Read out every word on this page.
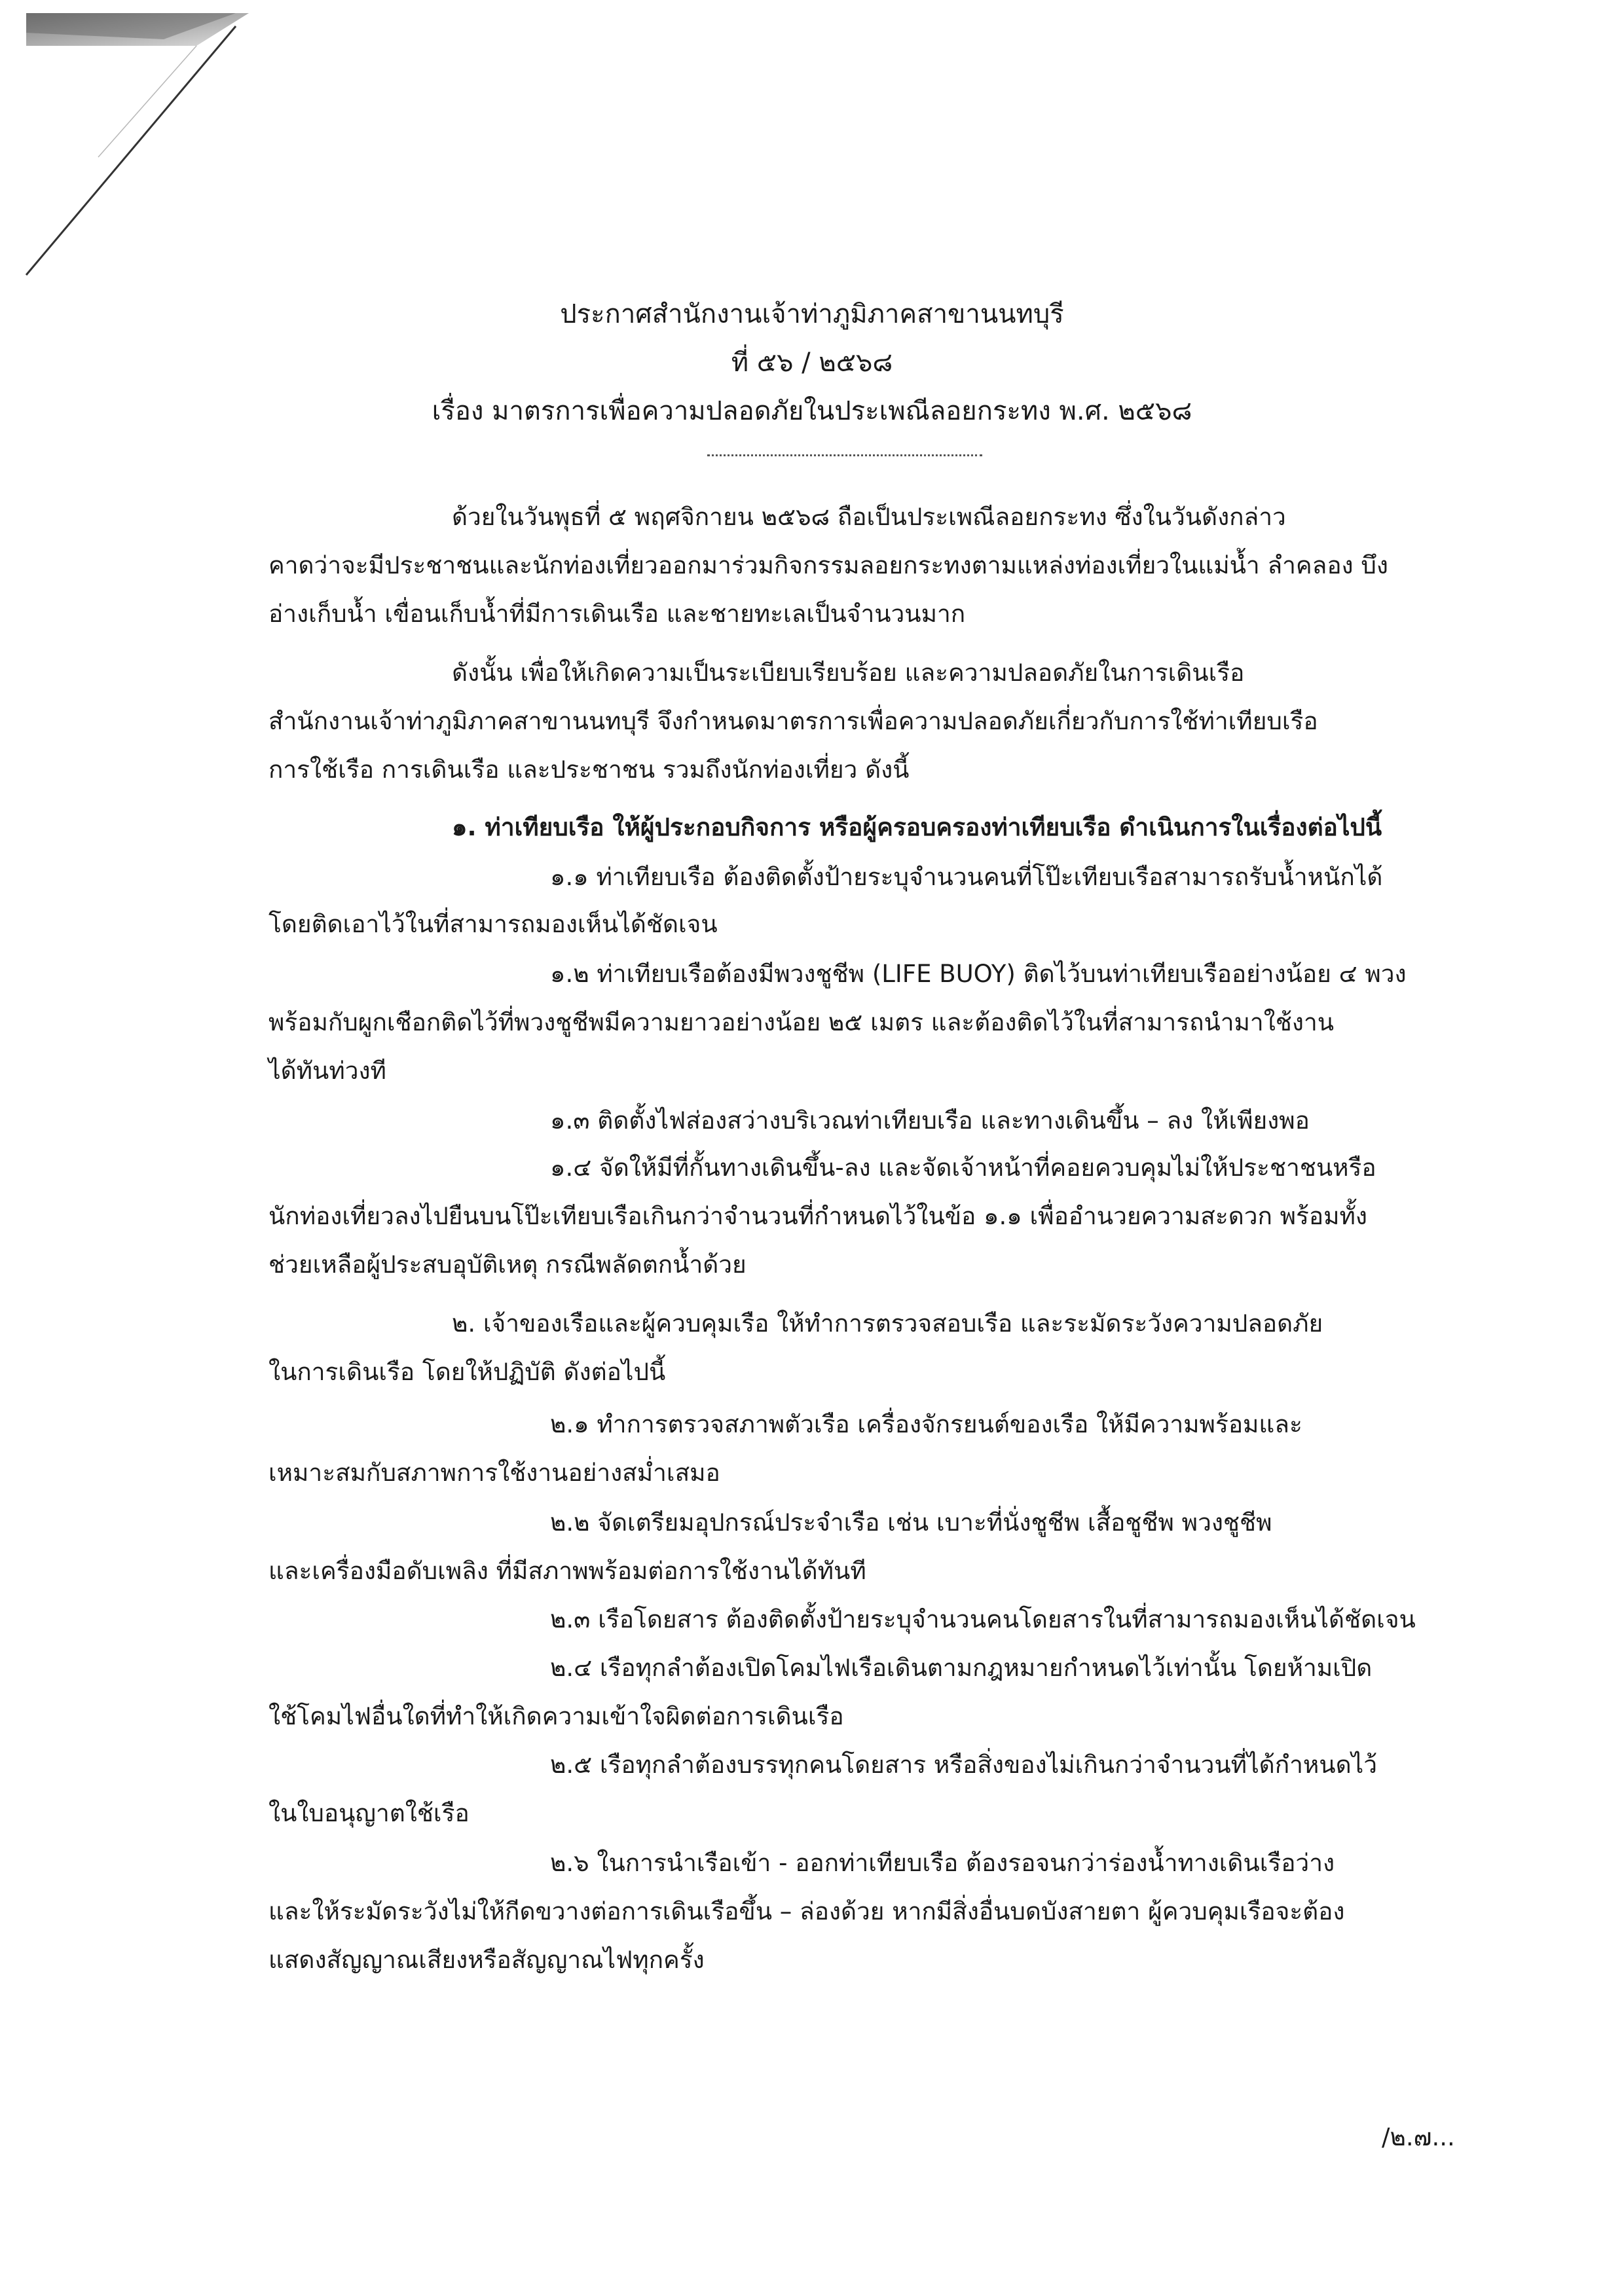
ประกาศสำนักงานเจ้าท่าภูมิภาคสาขานนทบุรี
ที่ ๕๖ / ๒๕๖๘
เรื่อง มาตรการเพื่อความปลอดภัยในประเพณีลอยกระทง พ.ศ. ๒๕๖๘
ด้วยในวันพุธที่ ๕ พฤศจิกายน ๒๕๖๘ ถือเป็นประเพณีลอยกระทง ซึ่งในวันดังกล่าว
คาดว่าจะมีประชาชนและนักท่องเที่ยวออกมาร่วมกิจกรรมลอยกระทงตามแหล่งท่องเที่ยวในแม่น้ำ ลำคลอง บึง
อ่างเก็บน้ำ เขื่อนเก็บน้ำที่มีการเดินเรือ และชายทะเลเป็นจำนวนมาก
ดังนั้น เพื่อให้เกิดความเป็นระเบียบเรียบร้อย และความปลอดภัยในการเดินเรือ
สำนักงานเจ้าท่าภูมิภาคสาขานนทบุรี จึงกำหนดมาตรการเพื่อความปลอดภัยเกี่ยวกับการใช้ท่าเทียบเรือ
การใช้เรือ การเดินเรือ และประชาชน รวมถึงนักท่องเที่ยว ดังนี้
๑. ท่าเทียบเรือ ให้ผู้ประกอบกิจการ หรือผู้ครอบครองท่าเทียบเรือ ดำเนินการในเรื่องต่อไปนี้
๑.๑ ท่าเทียบเรือ ต้องติดตั้งป้ายระบุจำนวนคนที่โป๊ะเทียบเรือสามารถรับน้ำหนักได้
โดยติดเอาไว้ในที่สามารถมองเห็นได้ชัดเจน
๑.๒ ท่าเทียบเรือต้องมีพวงชูชีพ (LIFE BUOY) ติดไว้บนท่าเทียบเรืออย่างน้อย ๔ พวง
พร้อมกับผูกเชือกติดไว้ที่พวงชูชีพมีความยาวอย่างน้อย ๒๕ เมตร และต้องติดไว้ในที่สามารถนำมาใช้งาน
ได้ทันท่วงที
๑.๓ ติดตั้งไฟส่องสว่างบริเวณท่าเทียบเรือ และทางเดินขึ้น – ลง ให้เพียงพอ
๑.๔ จัดให้มีที่กั้นทางเดินขึ้น-ลง และจัดเจ้าหน้าที่คอยควบคุมไม่ให้ประชาชนหรือ
นักท่องเที่ยวลงไปยืนบนโป๊ะเทียบเรือเกินกว่าจำนวนที่กำหนดไว้ในข้อ ๑.๑ เพื่ออำนวยความสะดวก พร้อมทั้ง
ช่วยเหลือผู้ประสบอุบัติเหตุ กรณีพลัดตกน้ำด้วย
๒. เจ้าของเรือและผู้ควบคุมเรือ ให้ทำการตรวจสอบเรือ และระมัดระวังความปลอดภัย
ในการเดินเรือ โดยให้ปฏิบัติ ดังต่อไปนี้
๒.๑ ทำการตรวจสภาพตัวเรือ เครื่องจักรยนต์ของเรือ ให้มีความพร้อมและ
เหมาะสมกับสภาพการใช้งานอย่างสม่ำเสมอ
๒.๒ จัดเตรียมอุปกรณ์ประจำเรือ เช่น เบาะที่นั่งชูชีพ เสื้อชูชีพ พวงชูชีพ
และเครื่องมือดับเพลิง ที่มีสภาพพร้อมต่อการใช้งานได้ทันที
๒.๓ เรือโดยสาร ต้องติดตั้งป้ายระบุจำนวนคนโดยสารในที่สามารถมองเห็นได้ชัดเจน
๒.๔ เรือทุกลำต้องเปิดโคมไฟเรือเดินตามกฎหมายกำหนดไว้เท่านั้น โดยห้ามเปิด
ใช้โคมไฟอื่นใดที่ทำให้เกิดความเข้าใจผิดต่อการเดินเรือ
๒.๕ เรือทุกลำต้องบรรทุกคนโดยสาร หรือสิ่งของไม่เกินกว่าจำนวนที่ได้กำหนดไว้
ในใบอนุญาตใช้เรือ
๒.๖ ในการนำเรือเข้า - ออกท่าเทียบเรือ ต้องรอจนกว่าร่องน้ำทางเดินเรือว่าง
และให้ระมัดระวังไม่ให้กีดขวางต่อการเดินเรือขึ้น – ล่องด้วย หากมีสิ่งอื่นบดบังสายตา ผู้ควบคุมเรือจะต้อง
แสดงสัญญาณเสียงหรือสัญญาณไฟทุกครั้ง
/๒.๗...
